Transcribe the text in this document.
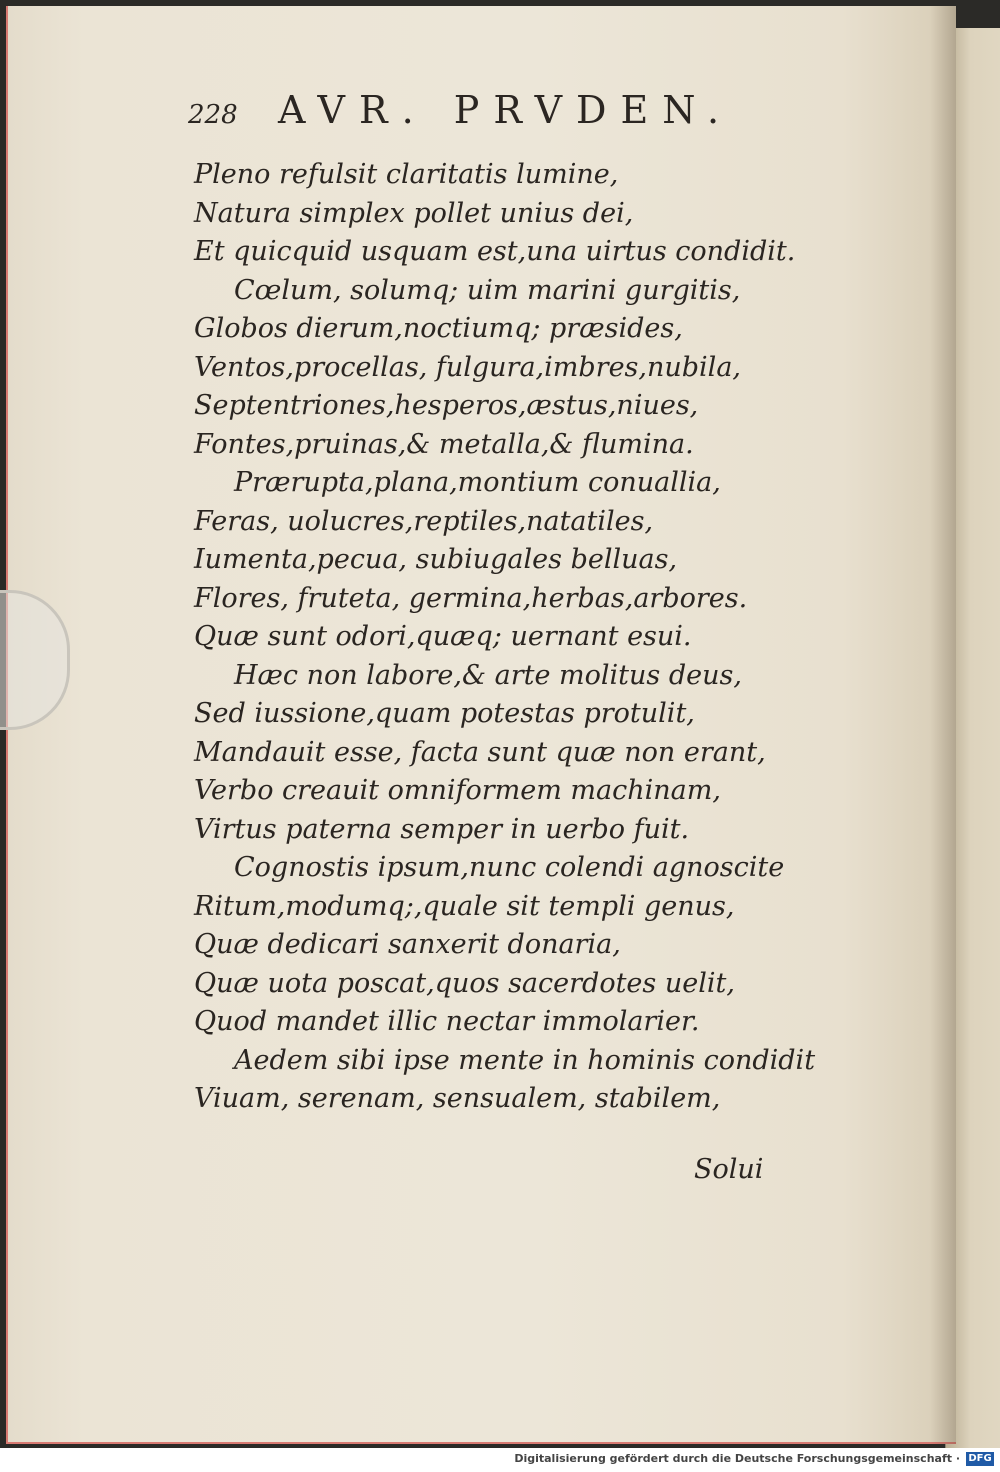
228 AVR. PRVDEN.
Pleno refulsit claritatis lumine,
Natura simplex pollet unius dei,
Et quicquid usquam est,una uirtus condidit.
Cœlum, solumq; uim marini gurgitis,
Globos dierum,noctiumq; præsides,
Ventos,procellas, fulgura,imbres,nubila,
Septentriones,hesperos,æstus,niues,
Fontes,pruinas,& metalla,& flumina.
Prærupta,plana,montium conuallia,
Feras, uolucres,reptiles,natatiles,
Iumenta,pecua, subiugales belluas,
Flores, fruteta, germina,herbas,arbores.
Quæ sunt odori,quæq; uernant esui.
Hæc non labore,& arte molitus deus,
Sed iussione,quam potestas protulit,
Mandauit esse, facta sunt quæ non erant,
Verbo creauit omniformem machinam,
Virtus paterna semper in uerbo fuit.
Cognostis ipsum,nunc colendi agnoscite
Ritum,modumq;,quale sit templi genus,
Quæ dedicari sanxerit donaria,
Quæ uota poscat,quos sacerdotes uelit,
Quod mandet illic nectar immolarier.
Aedem sibi ipse mente in hominis condidit
Viuam, serenam, sensualem, stabilem,
Solui
Digitalisierung gefördert durch die Deutsche Forschungsgemeinschaft · DFG
